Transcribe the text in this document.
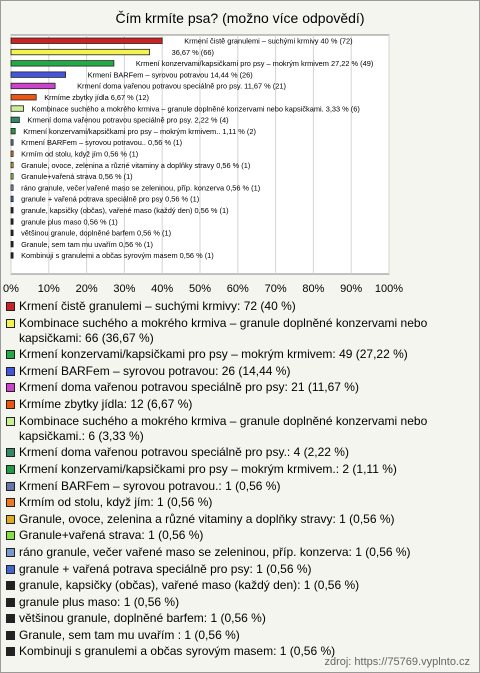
Čím krmíte psa? (možno více odpovědí)
0% 10% 20% 30% 40% 50% 60% 70% 80% 90% 100%
Krmení čistě granulemi – suchými krmivy 40 % (72)
36,67 % (66)
Krmení konzervami/kapsičkami pro psy – mokrým krmivem 27,22 % (49)
Krmení BARFem – syrovou potravou 14,44 % (26)
Krmení doma vařenou potravou speciálně pro psy. 11,67 % (21)
Krmíme zbytky jídla 6,67 % (12)
Kombinace suchého a mokrého krmiva – granule doplněné konzervami nebo kapsičkami. 3,33 % (6)
Krmení doma vařenou potravou speciálně pro psy. 2,22 % (4)
Krmení konzervami/kapsičkami pro psy – mokrým krmivem.. 1,11 % (2)
Krmení BARFem – syrovou potravou.. 0,56 % (1)
Krmím od stolu, když jím 0,56 % (1)
Granule, ovoce, zelenina a různé vitaminy a doplňky stravy 0,56 % (1)
Granule+vařená strava 0,56 % (1)
ráno granule, večer vařené maso se zeleninou, příp. konzerva 0,56 % (1)
granule + vařená potrava speciálně pro psy 0,56 % (1)
granule, kapsičky (občas), vařené maso (každý den) 0,56 % (1)
granule plus maso 0,56 % (1)
většinou granule, doplněné barfem 0,56 % (1)
Granule, sem tam mu uvařím 0,56 % (1)
Kombinuji s granulemi a občas syrovým masem 0,56 % (1)
Krmení čistě granulemi – suchými krmivy: 72 (40 %)
Kombinace suchého a mokrého krmiva – granule doplněné konzervami nebo kapsičkami: 66 (36,67 %)
Krmení konzervami/kapsičkami pro psy – mokrým krmivem: 49 (27,22 %)
Krmení BARFem – syrovou potravou: 26 (14,44 %)
Krmení doma vařenou potravou speciálně pro psy: 21 (11,67 %)
Krmíme zbytky jídla: 12 (6,67 %)
Kombinace suchého a mokrého krmiva – granule doplněné konzervami nebo kapsičkami.: 6 (3,33 %)
Krmení doma vařenou potravou speciálně pro psy.: 4 (2,22 %)
Krmení konzervami/kapsičkami pro psy – mokrým krmivem.: 2 (1,11 %)
Krmení BARFem – syrovou potravou.: 1 (0,56 %)
Krmím od stolu, když jím: 1 (0,56 %)
Granule, ovoce, zelenina a různé vitaminy a doplňky stravy: 1 (0,56 %)
Granule+vařená strava: 1 (0,56 %)
ráno granule, večer vařené maso se zeleninou, příp. konzerva: 1 (0,56 %)
granule + vařená potrava speciálně pro psy: 1 (0,56 %)
granule, kapsičky (občas), vařené maso (každý den): 1 (0,56 %)
granule plus maso: 1 (0,56 %)
většinou granule, doplněné barfem: 1 (0,56 %)
Granule, sem tam mu uvařím : 1 (0,56 %)
Kombinuji s granulemi a občas syrovým masem: 1 (0,56 %)
zdroj: https://75769.vyplnto.cz
